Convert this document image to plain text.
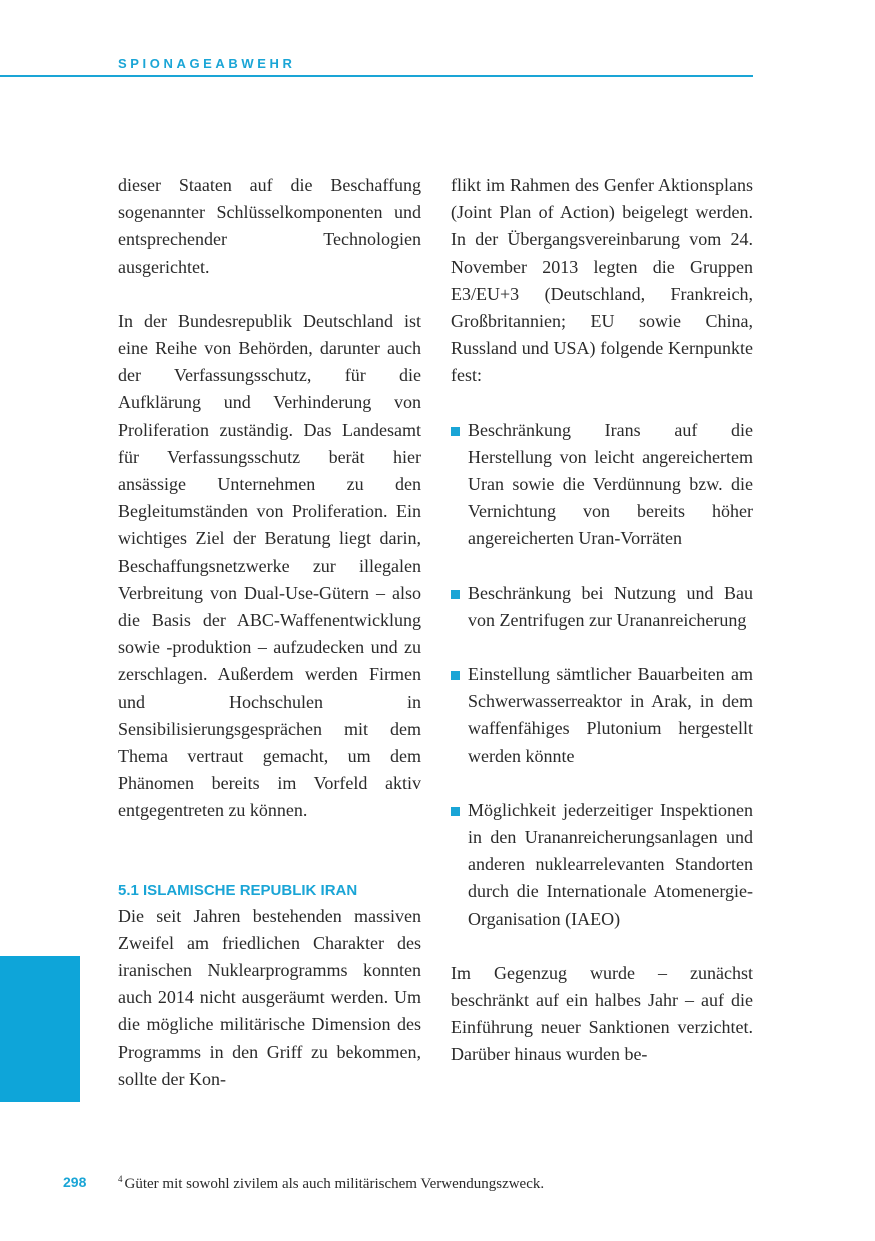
SPIONAGEABWEHR

dieser Staaten auf die Beschaffung sogenannter Schlüsselkomponenten und entsprechender Technologien ausgerichtet.

In der Bundesrepublik Deutschland ist eine Reihe von Behörden, darunter auch der Verfassungsschutz, für die Aufklärung und Verhinderung von Proliferation zuständig. Das Landesamt für Verfassungsschutz berät hier ansässige Unternehmen zu den Begleitumständen von Proliferation. Ein wichtiges Ziel der Beratung liegt darin, Beschaffungsnetzwerke zur illegalen Verbreitung von Dual-Use-Gütern – also die Basis der ABC-Waffenentwicklung sowie -produktion – aufzudecken und zu zerschlagen. Außerdem werden Firmen und Hochschulen in Sensibilisierungsgesprächen mit dem Thema vertraut gemacht, um dem Phänomen bereits im Vorfeld aktiv entgegentreten zu können.

5.1 ISLAMISCHE REPUBLIK IRAN

Die seit Jahren bestehenden massiven Zweifel am friedlichen Charakter des iranischen Nuklearprogramms konnten auch 2014 nicht ausgeräumt werden. Um die mögliche militärische Dimension des Programms in den Griff zu bekommen, sollte der Kon-

flikt im Rahmen des Genfer Aktionsplans (Joint Plan of Action) beigelegt werden. In der Übergangsvereinbarung vom 24. November 2013 legten die Gruppen E3/EU+3 (Deutschland, Frankreich, Großbritannien; EU sowie China, Russland und USA) folgende Kernpunkte fest:

Beschränkung Irans auf die Herstellung von leicht angereichertem Uran sowie die Verdünnung bzw. die Vernichtung von bereits höher angereicherten Uran-Vorräten
Beschränkung bei Nutzung und Bau von Zentrifugen zur Urananreicherung
Einstellung sämtlicher Bauarbeiten am Schwerwasserreaktor in Arak, in dem waffenfähiges Plutonium hergestellt werden könnte
Möglichkeit jederzeitiger Inspektionen in den Urananreicherungsanlagen und anderen nuklearrelevanten Standorten durch die Internationale Atomenergie-Organisation (IAEO)

Im Gegenzug wurde – zunächst beschränkt auf ein halbes Jahr – auf die Einführung neuer Sanktionen verzichtet. Darüber hinaus wurden be-

298	$^4$ Güter mit sowohl zivilem als auch militärischem Verwendungszweck.
